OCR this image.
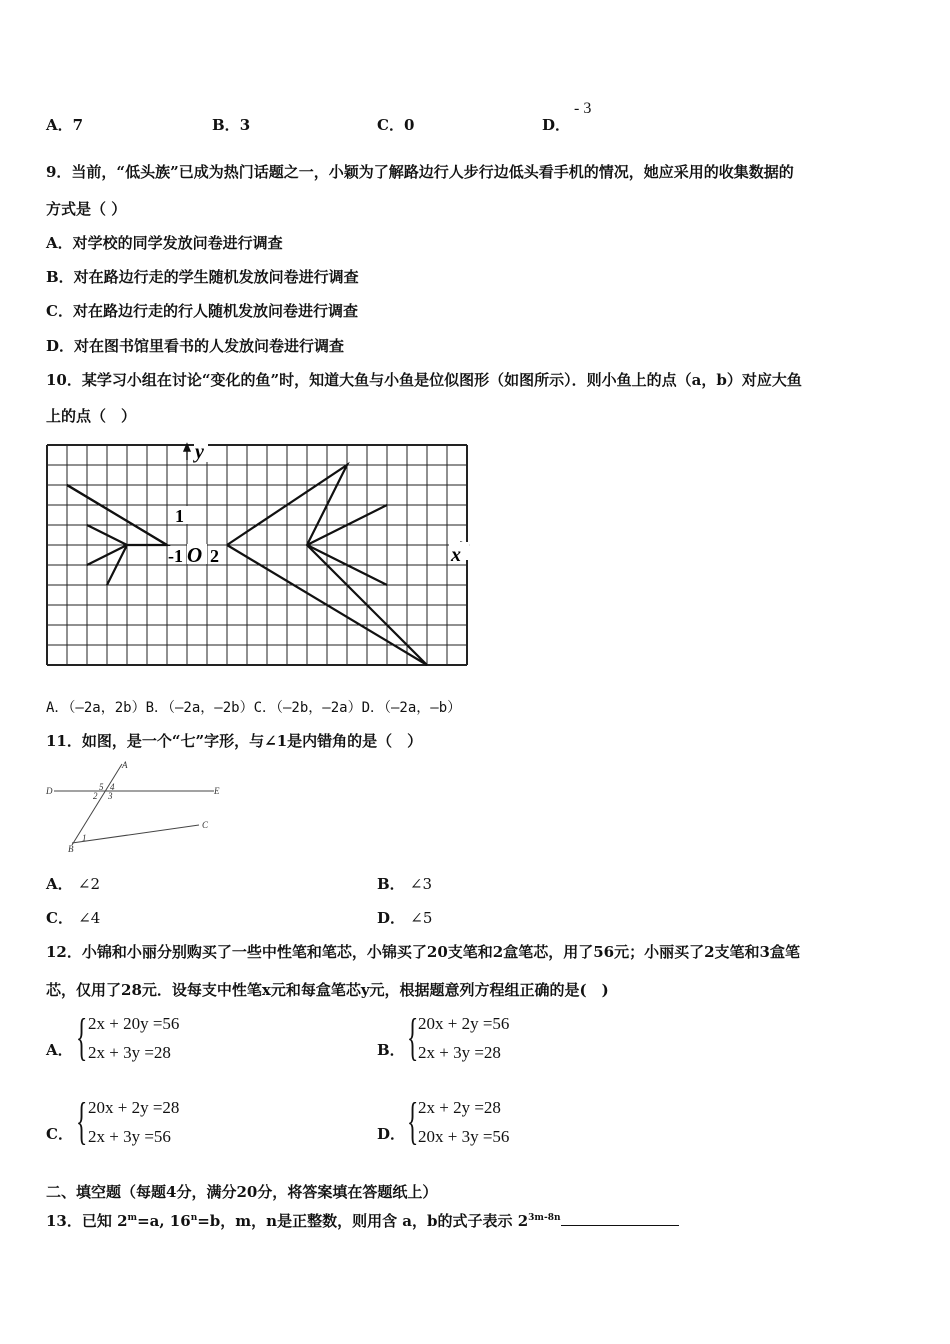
A．7	B．3	C．0	D．
- 3
9．当前，“低头族”已成为热门话题之一，小颖为了解路边行人步行边低头看手机的情况，她应采用的收集数据的
方式是（ ）
A．对学校的同学发放问卷进行调查
B．对在路边行走的学生随机发放问卷进行调查
C．对在路边行走的行人随机发放问卷进行调查
D．对在图书馆里看书的人发放问卷进行调查
10．某学习小组在讨论“变化的鱼”时，知道大鱼与小鱼是位似图形（如图所示）．则小鱼上的点（a，b）对应大鱼
上的点（　）
y
x
1
-1 O 2
A．（—2a，2b）B．（—2a，—2b）C．（—2b，—2a）D．（—2a，—b）
11．如图，是一个“七”字形，与∠1是内错角的是（　）
A
D	E
C
B
1
2 3
4
5
A． ∠2	B． ∠3
C． ∠4	D． ∠5
12．小锦和小丽分别购买了一些中性笔和笔芯，小锦买了20支笔和2盒笔芯，用了56元；小丽买了2支笔和3盒笔
芯，仅用了28元．设每支中性笔x元和每盒笔芯y元，根据题意列方程组正确的是(　)
A． { 2x + 20y =56
2x + 3y =28	B． { 20x + 2y =56
2x + 3y =28
C． { 20x + 2y =28
2x + 3y =56	D． { 2x + 2y =28
20x + 3y =56
二、填空题（每题4分，满分20分，将答案填在答题纸上）
13．已知 $2^m=a$, $16^n=b$，m，n是正整数，则用含 a，b的式子表示 $2^{3m-8n}$
